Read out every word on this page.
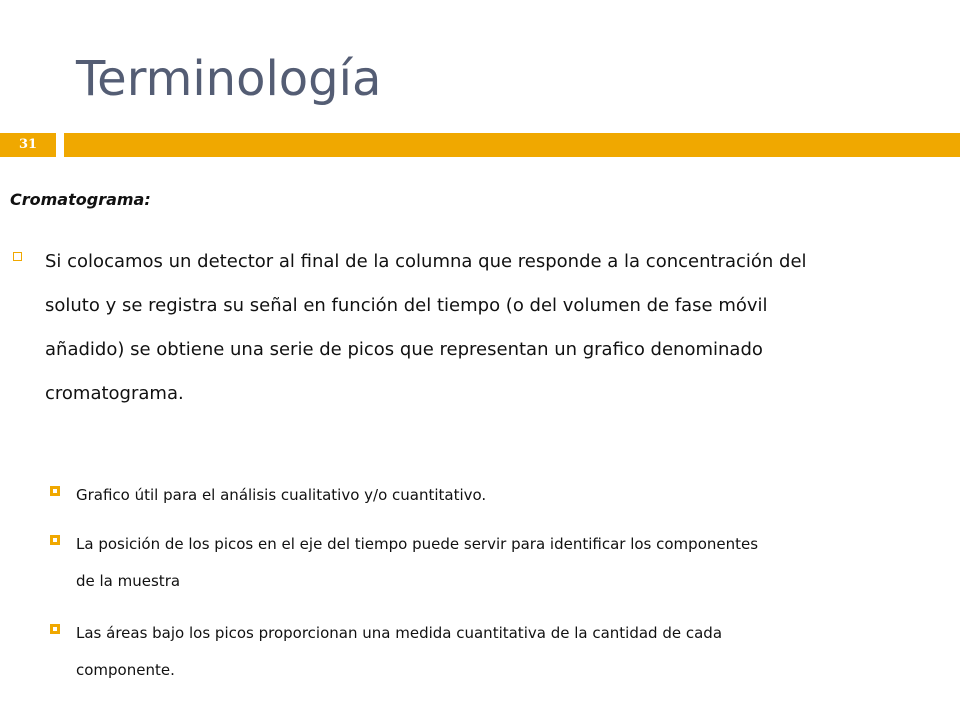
Terminología
31
Cromatograma:
Si colocamos un detector al final de la columna que responde a la concentración del
soluto y se registra su señal en función del tiempo (o del volumen de fase móvil
añadido) se obtiene una serie de picos que representan un grafico denominado
cromatograma.
Grafico útil para el análisis cualitativo y/o cuantitativo.
La posición de los picos en el eje del tiempo puede servir para identificar los componentes
de la muestra
Las áreas bajo los picos proporcionan una medida cuantitativa de la cantidad de cada
componente.
